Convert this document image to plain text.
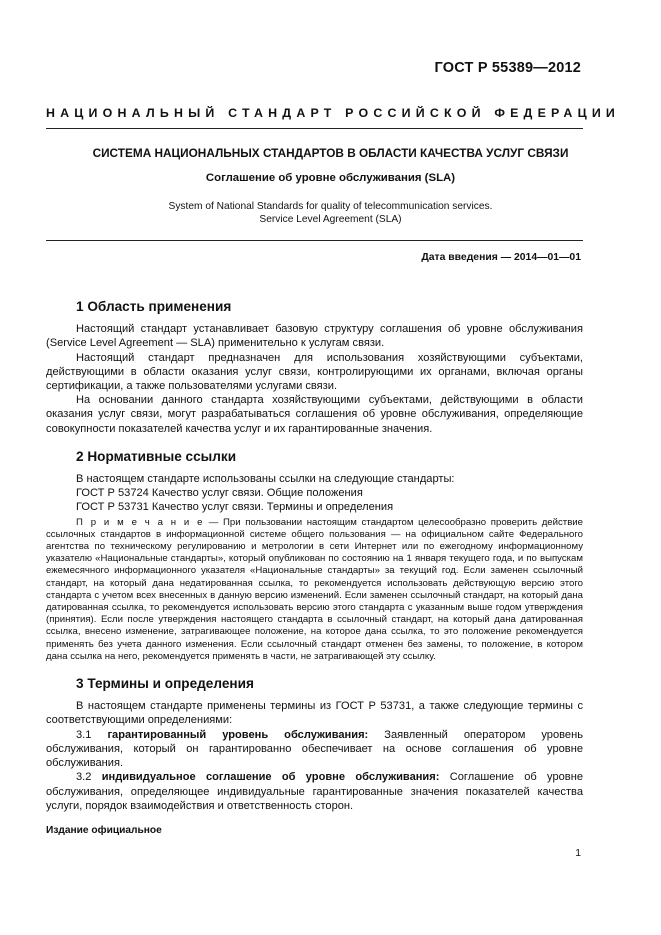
ГОСТ Р 55389—2012
НАЦИОНАЛЬНЫЙ СТАНДАРТ РОССИЙСКОЙ ФЕДЕРАЦИИ
СИСТЕМА НАЦИОНАЛЬНЫХ СТАНДАРТОВ В ОБЛАСТИ КАЧЕСТВА УСЛУГ СВЯЗИ
Соглашение об уровне обслуживания (SLA)
System of National Standards for quality of telecommunication services.
Service Level Agreement (SLA)
Дата введения — 2014—01—01
1 Область применения

Настоящий стандарт устанавливает базовую структуру соглашения об уровне обслуживания (Service Level Agreement — SLA) применительно к услугам связи.

Настоящий стандарт предназначен для использования хозяйствующими субъектами, действующими в области оказания услуг связи, контролирующими их органами, включая органы сертификации, а также пользователями услугами связи.

На основании данного стандарта хозяйствующими субъектами, действующими в области оказания услуг связи, могут разрабатываться соглашения об уровне обслуживания, определяющие совокупности показателей качества услуг и их гарантированные значения.

2 Нормативные ссылки

В настоящем стандарте использованы ссылки на следующие стандарты:

ГОСТ Р 53724 Качество услуг связи. Общие положения

ГОСТ Р 53731 Качество услуг связи. Термины и определения

П р и м е ч а н и е — При пользовании настоящим стандартом целесообразно проверить действие ссылочных стандартов в информационной системе общего пользования — на официальном сайте Федерального агентства по техническому регулированию и метрологии в сети Интернет или по ежегодному информационному указателю «Национальные стандарты», который опубликован по состоянию на 1 января текущего года, и по выпускам ежемесячного информационного указателя «Национальные стандарты» за текущий год. Если заменен ссылочный стандарт, на который дана недатированная ссылка, то рекомендуется использовать действующую версию этого стандарта с учетом всех внесенных в данную версию изменений. Если заменен ссылочный стандарт, на который дана датированная ссылка, то рекомендуется использовать версию этого стандарта с указанным выше годом утверждения (принятия). Если после утверждения настоящего стандарта в ссылочный стандарт, на который дана датированная ссылка, внесено изменение, затрагивающее положение, на которое дана ссылка, то это положение рекомендуется применять без учета данного изменения. Если ссылочный стандарт отменен без замены, то положение, в котором дана ссылка на него, рекомендуется применять в части, не затрагивающей эту ссылку.

3 Термины и определения

В настоящем стандарте применены термины из ГОСТ Р 53731, а также следующие термины с соответствующими определениями:

3.1 гарантированный уровень обслуживания: Заявленный оператором уровень обслуживания, который он гарантированно обеспечивает на основе соглашения об уровне обслуживания.

3.2 индивидуальное соглашение об уровне обслуживания: Соглашение об уровне обслуживания, определяющее индивидуальные гарантированные значения показателей качества услуги, порядок взаимодействия и ответственность сторон.

Издание официальное
1
